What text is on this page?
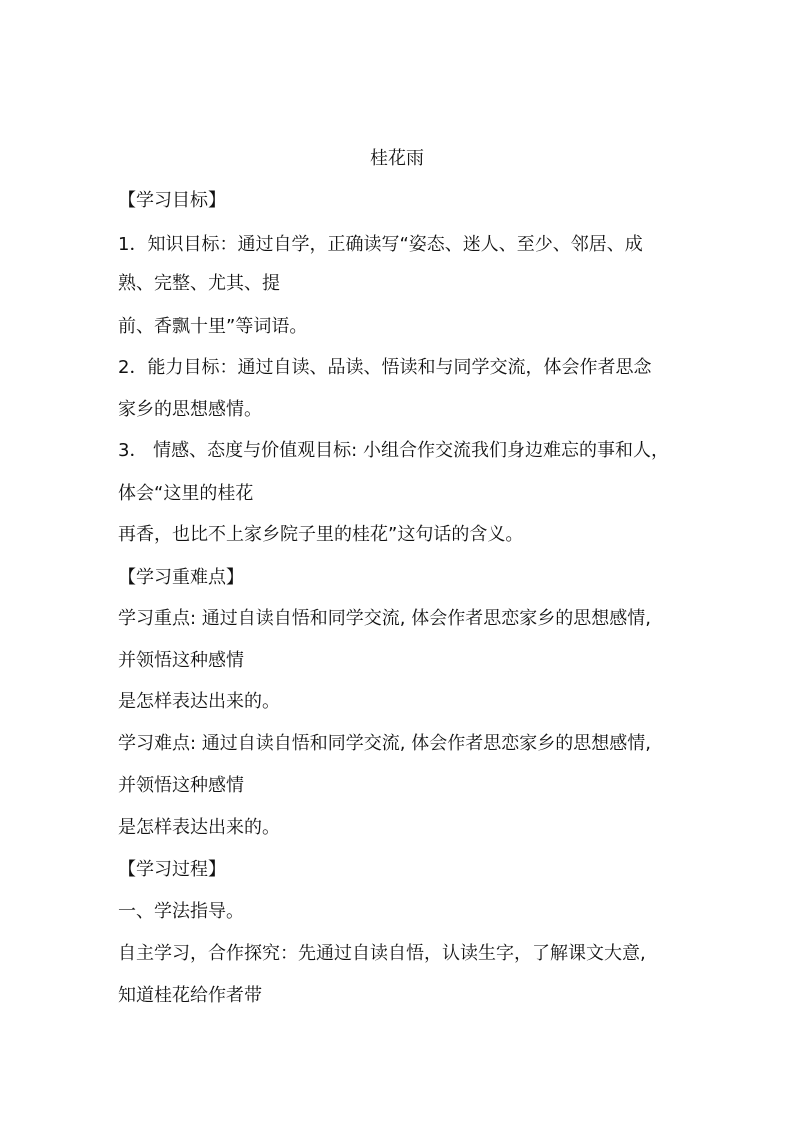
桂花雨
【学习目标】
1．知识目标：通过自学，正确读写“姿态、迷人、至少、邻居、成
熟、完整、尤其、提
前、香飘十里”等词语。
2．能力目标：通过自读、品读、悟读和与同学交流，体会作者思念
家乡的思想感情。
3． 情感、态度与价值观目标: 小组合作交流我们身边难忘的事和人，
体会“这里的桂花
再香，也比不上家乡院子里的桂花”这句话的含义。
【学习重难点】
学习重点: 通过自读自悟和同学交流, 体会作者思恋家乡的思想感情,
并领悟这种感情
是怎样表达出来的。
学习难点: 通过自读自悟和同学交流, 体会作者思恋家乡的思想感情,
并领悟这种感情
是怎样表达出来的。
【学习过程】
一、学法指导。
自主学习，合作探究：先通过自读自悟，认读生字，了解课文大意,
知道桂花给作者带
